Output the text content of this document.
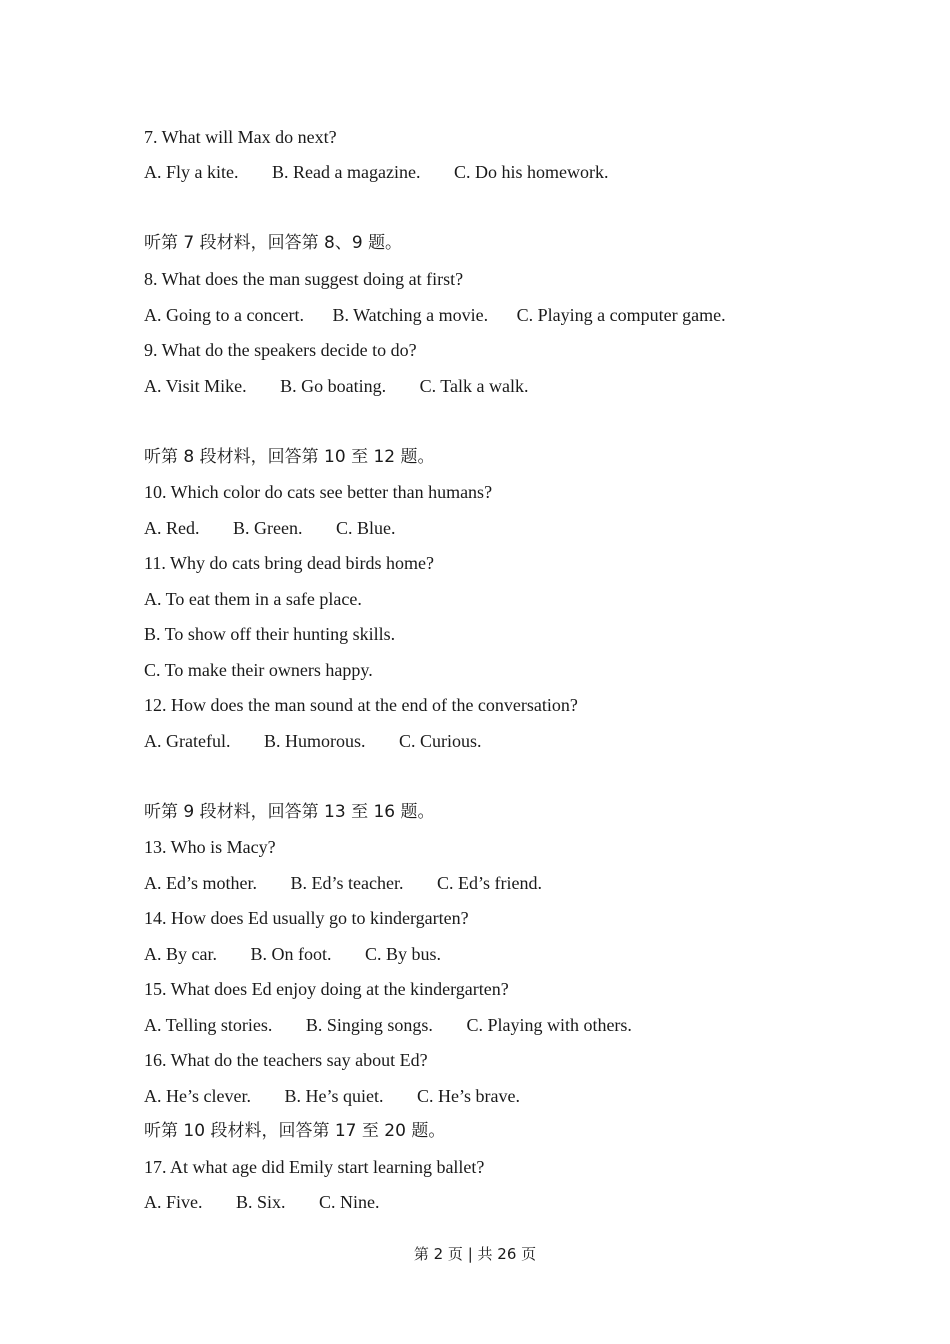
7. What will Max do next?
A. Fly a kite. B. Read a magazine. C. Do his homework.
听第 7 段材料，回答第 8、9 题。
8. What does the man suggest doing at first?
A. Going to a concert. B. Watching a movie. C. Playing a computer game.
9. What do the speakers decide to do?
A. Visit Mike. B. Go boating. C. Talk a walk.
听第 8 段材料，回答第 10 至 12 题。
10. Which color do cats see better than humans?
A. Red. B. Green. C. Blue.
11. Why do cats bring dead birds home?
A. To eat them in a safe place.
B. To show off their hunting skills.
C. To make their owners happy.
12. How does the man sound at the end of the conversation?
A. Grateful. B. Humorous. C. Curious.
听第 9 段材料，回答第 13 至 16 题。
13. Who is Macy?
A. Ed’s mother. B. Ed’s teacher. C. Ed’s friend.
14. How does Ed usually go to kindergarten?
A. By car. B. On foot. C. By bus.
15. What does Ed enjoy doing at the kindergarten?
A. Telling stories. B. Singing songs. C. Playing with others.
16. What do the teachers say about Ed?
A. He’s clever. B. He’s quiet. C. He’s brave.
听第 10 段材料，回答第 17 至 20 题。
17. At what age did Emily start learning ballet?
A. Five. B. Six. C. Nine.
第 2 页 | 共 26 页
